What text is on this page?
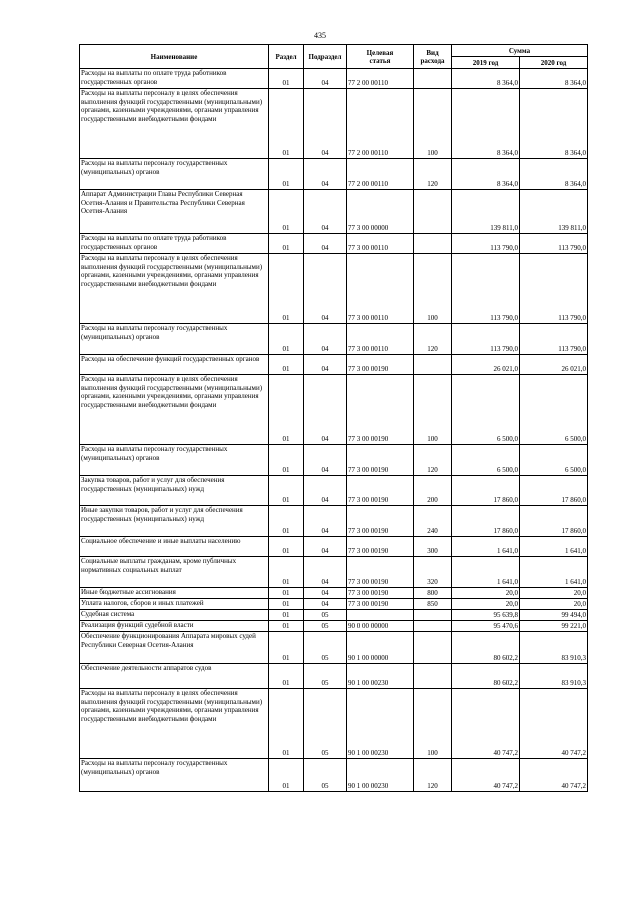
435
Наименование	Раздел	Подраздел	Целевая
статья	Вид
расхода	Сумма	
					2019 год	2020 год
Расходы на выплаты по оплате труда работников государственных органов	01	04	77 2 00 00110		8 364,0	8 364,0
Расходы на выплаты персоналу в целях обеспечения выполнения функций государственными (муниципальными) органами, казенными учреждениями, органами управления государственными внебюджетными фондами	01	04	77 2 00 00110	100	8 364,0	8 364,0
Расходы на выплаты персоналу государственных (муниципальных) органов	01	04	77 2 00 00110	120	8 364,0	8 364,0
Аппарат Администрации Главы Республики Северная Осетия-Алания и Правительства Республики Северная Осетия-Алания	01	04	77 3 00 00000		139 811,0	139 811,0
Расходы на выплаты по оплате труда работников государственных органов	01	04	77 3 00 00110		113 790,0	113 790,0
Расходы на выплаты персоналу в целях обеспечения выполнения функций государственными (муниципальными) органами, казенными учреждениями, органами управления государственными внебюджетными фондами	01	04	77 3 00 00110	100	113 790,0	113 790,0
Расходы на выплаты персоналу государственных (муниципальных) органов	01	04	77 3 00 00110	120	113 790,0	113 790,0
Расходы на обеспечение функций государственных органов	01	04	77 3 00 00190		26 021,0	26 021,0
Расходы на выплаты персоналу в целях обеспечения выполнения функций государственными (муниципальными) органами, казенными учреждениями, органами управления государственными внебюджетными фондами	01	04	77 3 00 00190	100	6 500,0	6 500,0
Расходы на выплаты персоналу государственных (муниципальных) органов	01	04	77 3 00 00190	120	6 500,0	6 500,0
Закупка товаров, работ и услуг для обеспечения государственных (муниципальных) нужд	01	04	77 3 00 00190	200	17 860,0	17 860,0
Иные закупки товаров, работ и услуг для обеспечения государственных (муниципальных) нужд	01	04	77 3 00 00190	240	17 860,0	17 860,0
Социальное обеспечение и иные выплаты населению	01	04	77 3 00 00190	300	1 641,0	1 641,0
Социальные выплаты гражданам, кроме публичных нормативных социальных выплат	01	04	77 3 00 00190	320	1 641,0	1 641,0
Иные бюджетные ассигнования	01	04	77 3 00 00190	800	20,0	20,0
Уплата налогов, сборов и иных платежей	01	04	77 3 00 00190	850	20,0	20,0
Судебная система	01	05			95 639,8	99 494,0
Реализация функций судебной власти	01	05	90 0 00 00000		95 470,6	99 221,0
Обеспечение функционирования Аппарата мировых судей Республики Северная Осетия-Алания	01	05	90 1 00 00000		80 602,2	83 910,3
Обеспечение деятельности аппаратов судов	01	05	90 1 00 00230		80 602,2	83 910,3
Расходы на выплаты персоналу в целях обеспечения выполнения функций государственными (муниципальными) органами, казенными учреждениями, органами управления государственными внебюджетными фондами	01	05	90 1 00 00230	100	40 747,2	40 747,2
Расходы на выплаты персоналу государственных (муниципальных) органов	01	05	90 1 00 00230	120	40 747,2	40 747,2
